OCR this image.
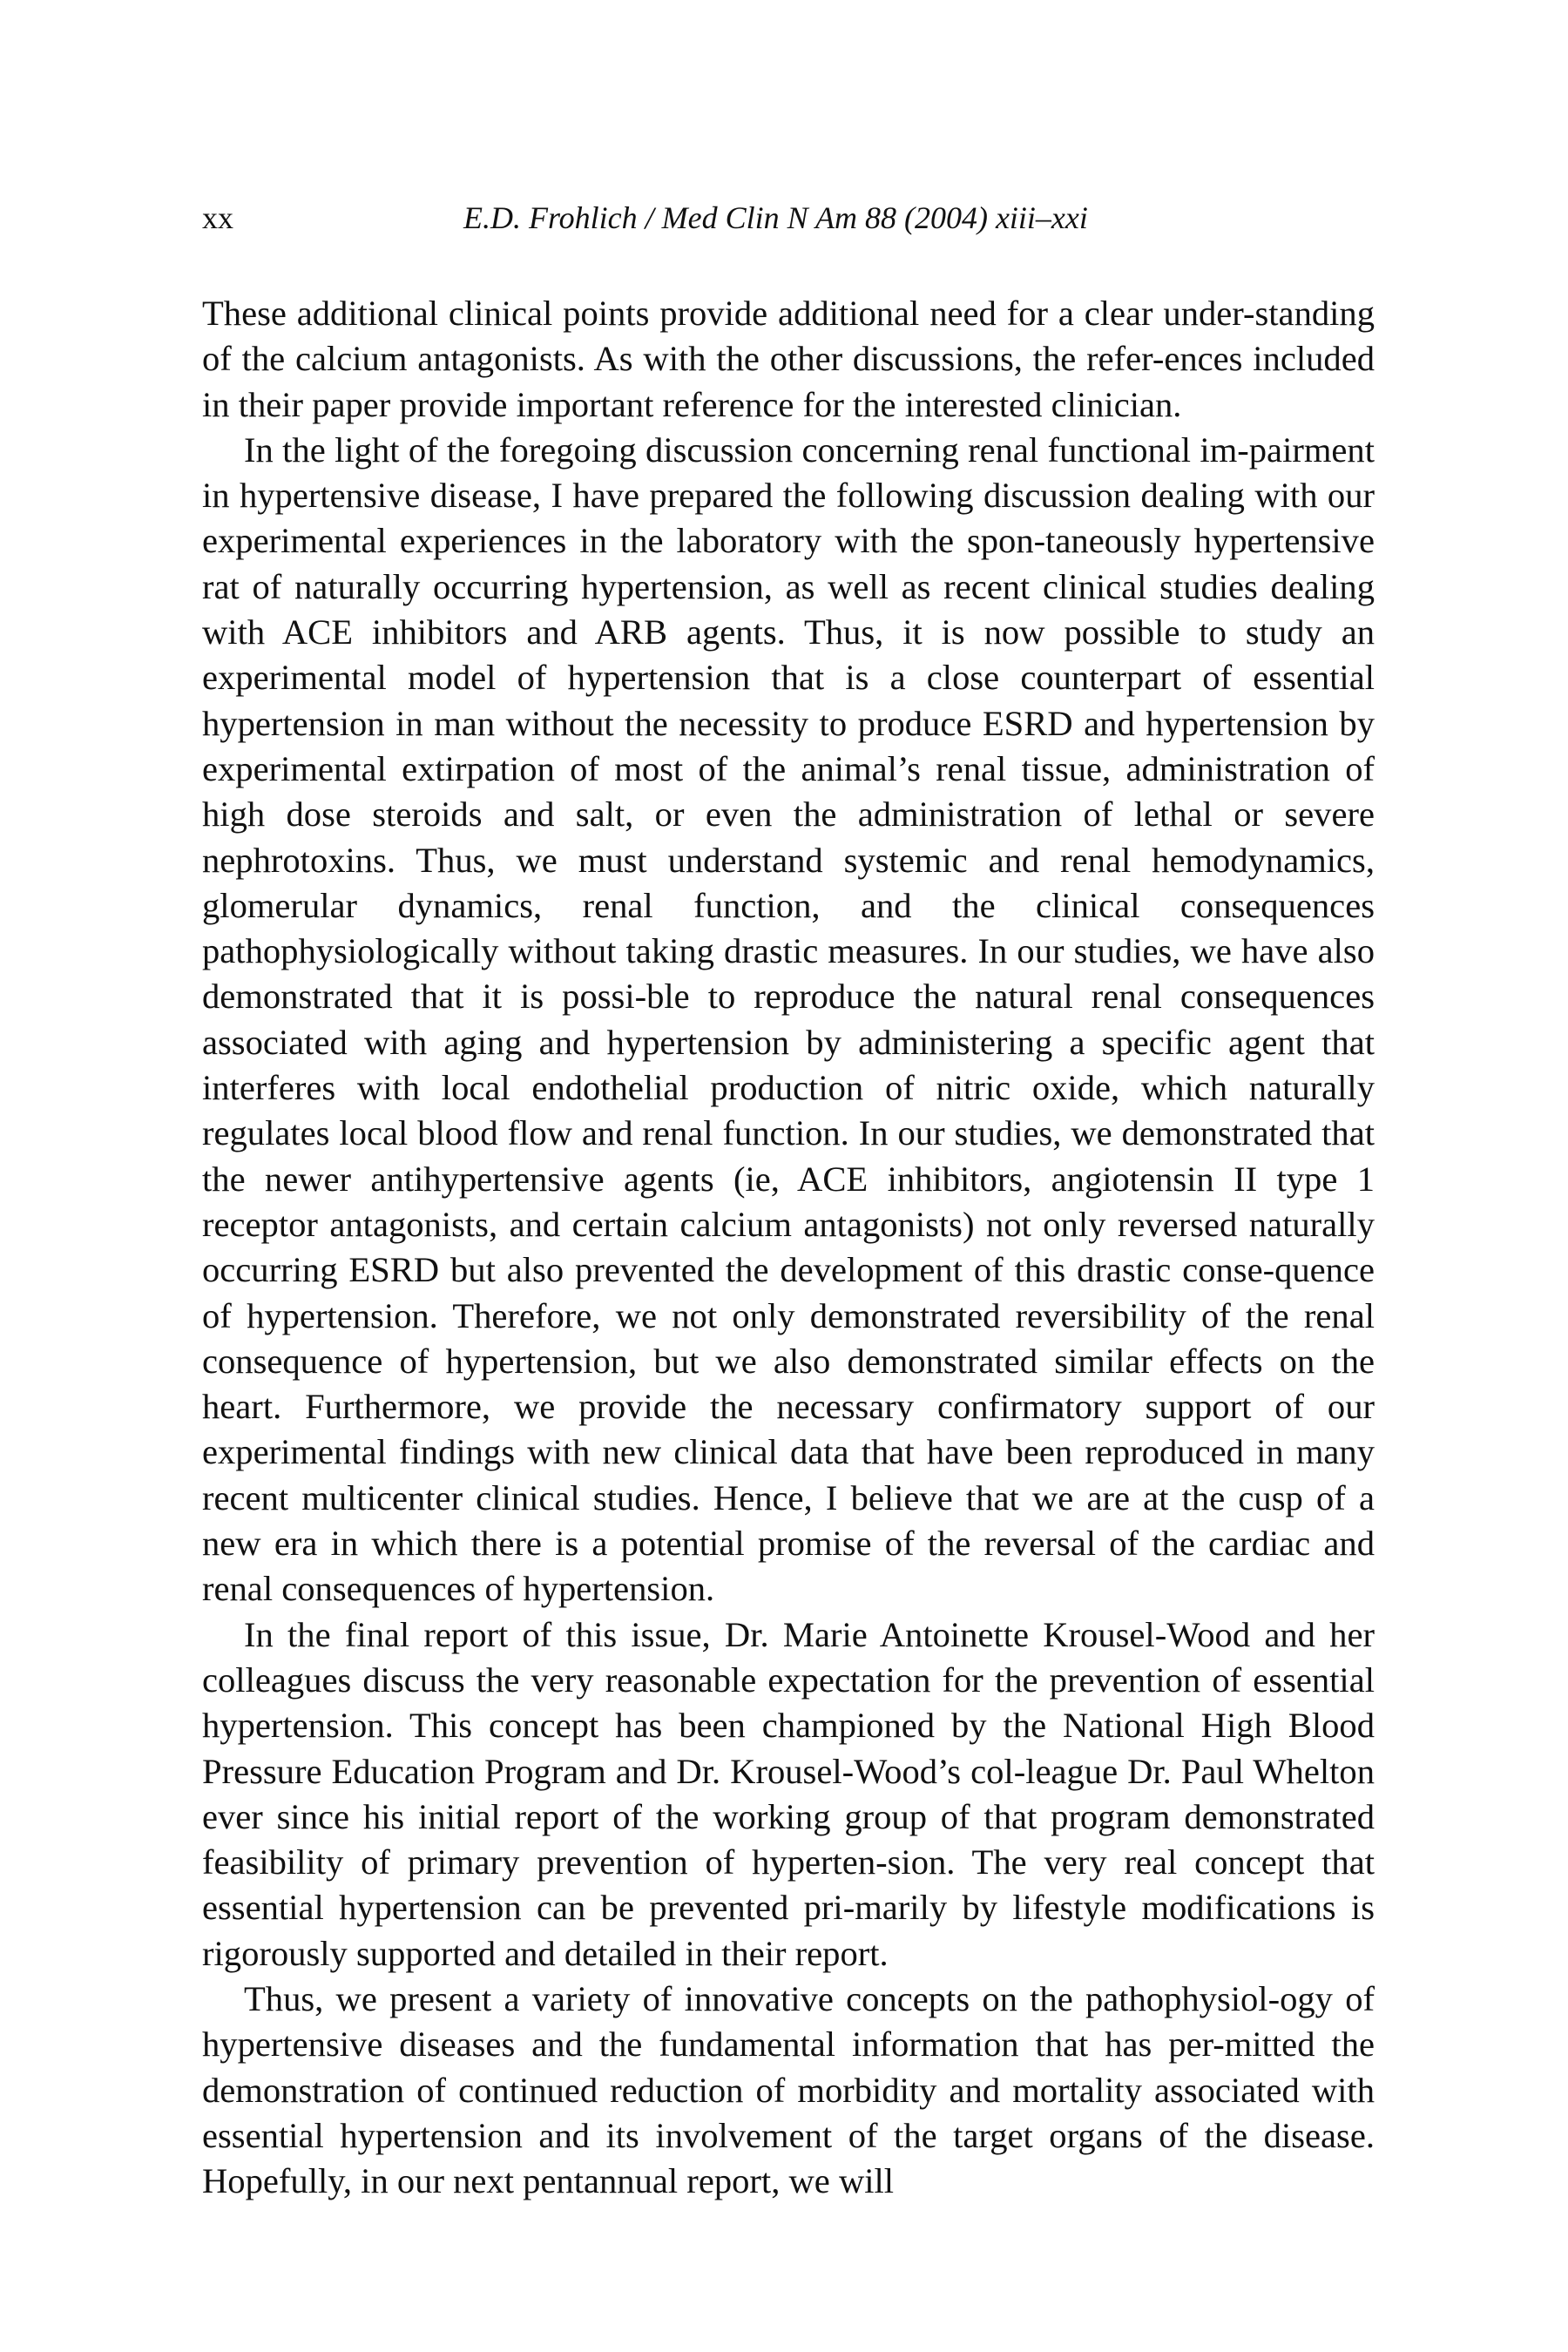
xx	E.D. Frohlich / Med Clin N Am 88 (2004) xiii–xxi

These additional clinical points provide additional need for a clear under-standing of the calcium antagonists. As with the other discussions, the refer-ences included in their paper provide important reference for the interested clinician.

In the light of the foregoing discussion concerning renal functional im-pairment in hypertensive disease, I have prepared the following discussion dealing with our experimental experiences in the laboratory with the spon-taneously hypertensive rat of naturally occurring hypertension, as well as recent clinical studies dealing with ACE inhibitors and ARB agents. Thus, it is now possible to study an experimental model of hypertension that is a close counterpart of essential hypertension in man without the necessity to produce ESRD and hypertension by experimental extirpation of most of the animal’s renal tissue, administration of high dose steroids and salt, or even the administration of lethal or severe nephrotoxins. Thus, we must understand systemic and renal hemodynamics, glomerular dynamics, renal function, and the clinical consequences pathophysiologically without taking drastic measures. In our studies, we have also demonstrated that it is possi-ble to reproduce the natural renal consequences associated with aging and hypertension by administering a specific agent that interferes with local endothelial production of nitric oxide, which naturally regulates local blood flow and renal function. In our studies, we demonstrated that the newer antihypertensive agents (ie, ACE inhibitors, angiotensin II type 1 receptor antagonists, and certain calcium antagonists) not only reversed naturally occurring ESRD but also prevented the development of this drastic conse-quence of hypertension. Therefore, we not only demonstrated reversibility of the renal consequence of hypertension, but we also demonstrated similar effects on the heart. Furthermore, we provide the necessary confirmatory support of our experimental findings with new clinical data that have been reproduced in many recent multicenter clinical studies. Hence, I believe that we are at the cusp of a new era in which there is a potential promise of the reversal of the cardiac and renal consequences of hypertension.

In the final report of this issue, Dr. Marie Antoinette Krousel-Wood and her colleagues discuss the very reasonable expectation for the prevention of essential hypertension. This concept has been championed by the National High Blood Pressure Education Program and Dr. Krousel-Wood’s col-league Dr. Paul Whelton ever since his initial report of the working group of that program demonstrated feasibility of primary prevention of hyperten-sion. The very real concept that essential hypertension can be prevented pri-marily by lifestyle modifications is rigorously supported and detailed in their report.

Thus, we present a variety of innovative concepts on the pathophysiol-ogy of hypertensive diseases and the fundamental information that has per-mitted the demonstration of continued reduction of morbidity and mortality associated with essential hypertension and its involvement of the target organs of the disease. Hopefully, in our next pentannual report, we will
